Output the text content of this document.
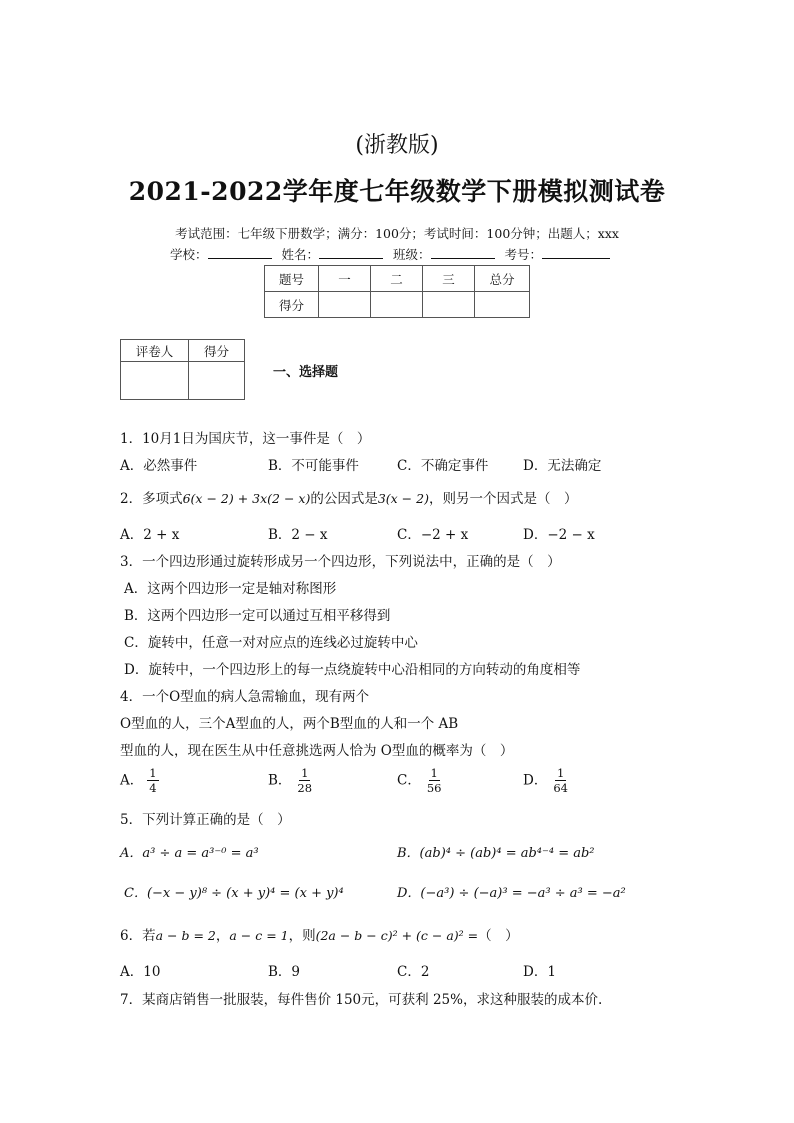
(浙教版)
2021-2022学年度七年级数学下册模拟测试卷
考试范围：七年级下册数学；满分：100分；考试时间：100分钟；出题人；xxx
学校：	姓名：	班级：	考号：
题号	一	二	三	总分
得分				
评卷人	得分

一、选择题
1．10月1日为国庆节，这一事件是（　）
A．必然事件	B．不可能事件	C．不确定事件	D．无法确定
2．多项式6(x − 2) + 3x(2 − x)的公因式是3(x − 2)，则另一个因式是（　）
A．2 + x	B．2 − x	C．−2 + x	D．−2 − x
3．一个四边形通过旋转形成另一个四边形，下列说法中，正确的是（　）
A．这两个四边形一定是轴对称图形
B．这两个四边形一定可以通过互相平移得到
C．旋转中，任意一对对应点的连线必过旋转中心
D．旋转中，一个四边形上的每一点绕旋转中心沿相同的方向转动的角度相等
4．一个O型血的病人急需输血，现有两个
O型血的人，三个A型血的人，两个B型血的人和一个 AB
型血的人，现在医生从中任意挑选两人恰为 O型血的概率为（　）
A． $\frac{1}{4}$	B． $\frac{1}{28}$	C． $\frac{1}{56}$	D． $\frac{1}{64}$
5．下列计算正确的是（　）
A．a³ ÷ a = a³⁻⁰ = a³	B．(ab)⁴ ÷ (ab)⁴ = ab⁴⁻⁴ = ab²
C．(−x − y)⁸ ÷ (x + y)⁴ = (x + y)⁴	D．(−a³) ÷ (−a)³ = −a³ ÷ a³ = −a²
6．若a − b = 2，a − c = 1，则(2a − b − c)² + (c − a)² =（　）
A．10	B．9	C．2	D．1
7．某商店销售一批服装，每件售价 150元，可获利 25%，求这种服装的成本价.
